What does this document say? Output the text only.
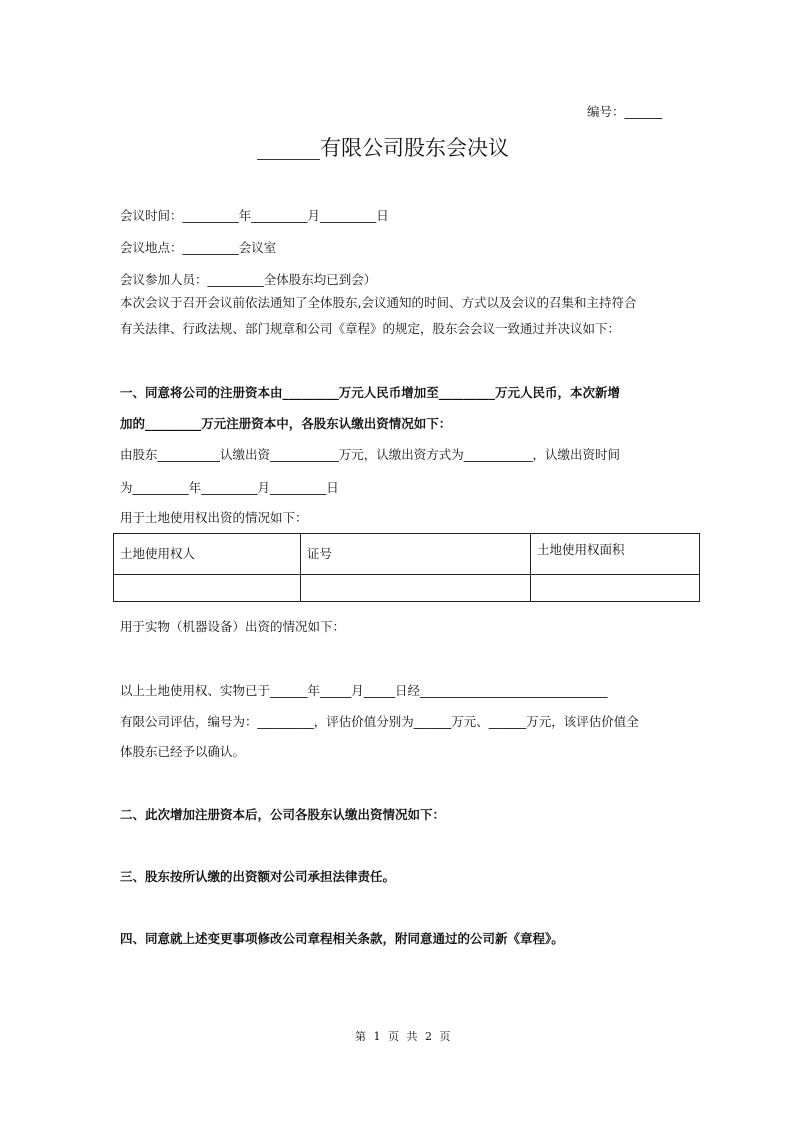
编号：______
______有限公司股东会决议
会议时间：_________年_________月_________日
会议地点：_________会议室
会议参加人员：_________全体股东均已到会）
本次会议于召开会议前依法通知了全体股东,会议通知的时间、方式以及会议的召集和主持符合
有关法律、行政法规、部门规章和公司《章程》的规定，股东会会议一致通过并决议如下：
一、同意将公司的注册资本由_________万元人民币增加至_________万元人民币，本次新增
加的_________万元注册资本中，各股东认缴出资情况如下：
由股东__________认缴出资___________万元，认缴出资方式为___________，认缴出资时间
为_________年_________月_________日
用于土地使用权出资的情况如下：
土地使用权人	证号	土地使用权面积

用于实物（机器设备）出资的情况如下：
以上土地使用权、实物已于______年_____月_____日经______________________________
有限公司评估，编号为：_________，评估价值分别为______万元、______万元，该评估价值全
体股东已经予以确认。
二、此次增加注册资本后，公司各股东认缴出资情况如下：
三、股东按所认缴的出资额对公司承担法律责任。
四、同意就上述变更事项修改公司章程相关条款，附同意通过的公司新《章程》。
第 1 页 共 2 页
